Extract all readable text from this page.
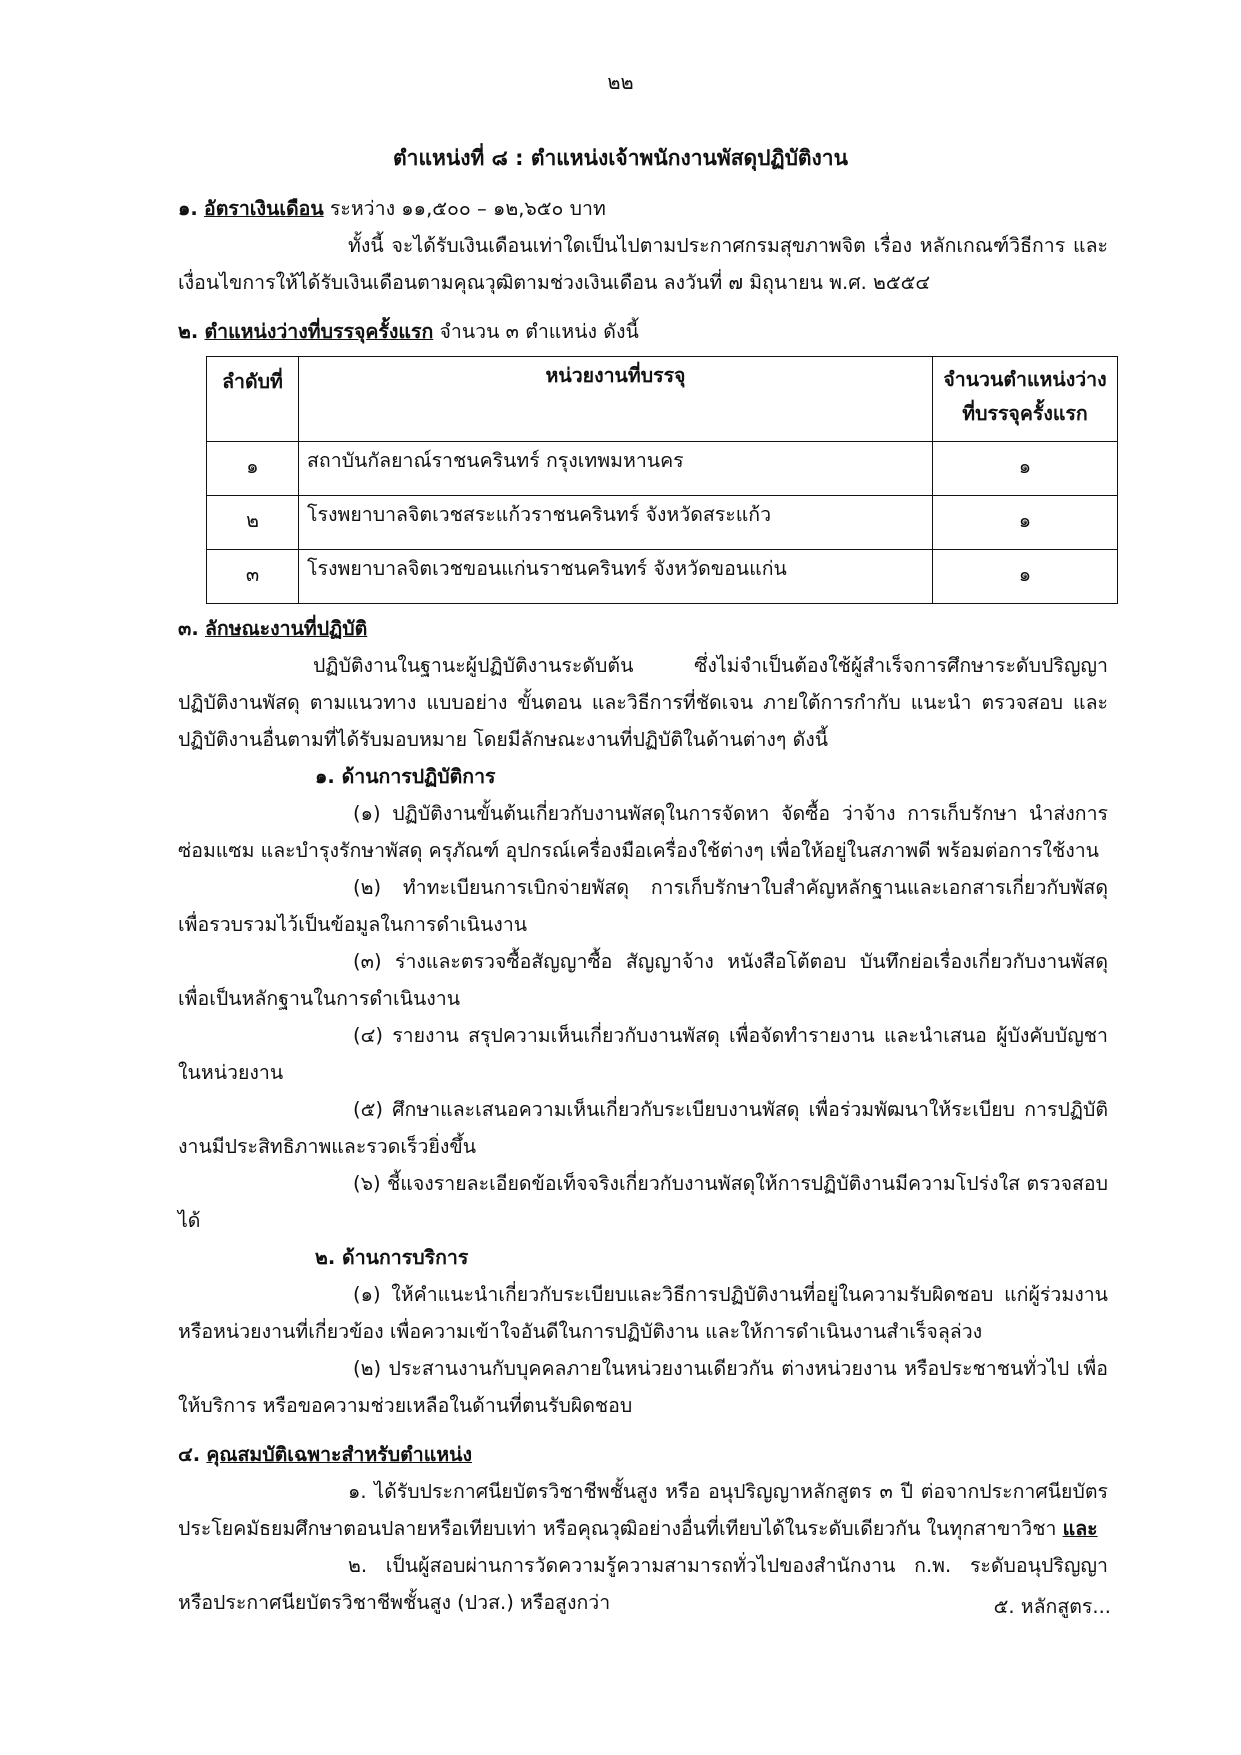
๒๒
ตำแหน่งที่ ๘ : ตำแหน่งเจ้าพนักงานพัสดุปฏิบัติงาน

๑. อัตราเงินเดือน ระหว่าง ๑๑,๕๐๐ – ๑๒,๖๕๐ บาท

ทั้งนี้ จะได้รับเงินเดือนเท่าใดเป็นไปตามประกาศกรมสุขภาพจิต เรื่อง หลักเกณฑ์วิธีการ และเงื่อนไขการให้ได้รับเงินเดือนตามคุณวุฒิตามช่วงเงินเดือน ลงวันที่ ๗ มิถุนายน พ.ศ. ๒๕๕๔

๒. ตำแหน่งว่างที่บรรจุครั้งแรก จำนวน ๓ ตำแหน่ง ดังนี้

ลำดับที่	หน่วยงานที่บรรจุ	จำนวนตำแหน่งว่างที่บรรจุครั้งแรก
๑	สถาบันกัลยาณ์ราชนครินทร์ กรุงเทพมหานคร	๑
๒	โรงพยาบาลจิตเวชสระแก้วราชนครินทร์ จังหวัดสระแก้ว	๑
๓	โรงพยาบาลจิตเวชขอนแก่นราชนครินทร์ จังหวัดขอนแก่น	๑

๓. ลักษณะงานที่ปฏิบัติ

ปฏิบัติงานในฐานะผู้ปฏิบัติงานระดับต้น ซึ่งไม่จำเป็นต้องใช้ผู้สำเร็จการศึกษาระดับปริญญา ปฏิบัติงานพัสดุ ตามแนวทาง แบบอย่าง ขั้นตอน และวิธีการที่ชัดเจน ภายใต้การกำกับ แนะนำ ตรวจสอบ และปฏิบัติงานอื่นตามที่ได้รับมอบหมาย โดยมีลักษณะงานที่ปฏิบัติในด้านต่างๆ ดังนี้

๑. ด้านการปฏิบัติการ

(๑) ปฏิบัติงานขั้นต้นเกี่ยวกับงานพัสดุในการจัดหา จัดซื้อ ว่าจ้าง การเก็บรักษา นำส่งการซ่อมแซม และบำรุงรักษาพัสดุ ครุภัณฑ์ อุปกรณ์เครื่องมือเครื่องใช้ต่างๆ เพื่อให้อยู่ในสภาพดี พร้อมต่อการใช้งาน

(๒) ทำทะเบียนการเบิกจ่ายพัสดุ การเก็บรักษาใบสำคัญหลักฐานและเอกสารเกี่ยวกับพัสดุ เพื่อรวบรวมไว้เป็นข้อมูลในการดำเนินงาน

(๓) ร่างและตรวจซื้อสัญญาซื้อ สัญญาจ้าง หนังสือโต้ตอบ บันทึกย่อเรื่องเกี่ยวกับงานพัสดุ เพื่อเป็นหลักฐานในการดำเนินงาน

(๔) รายงาน สรุปความเห็นเกี่ยวกับงานพัสดุ เพื่อจัดทำรายงาน และนำเสนอ ผู้บังคับบัญชา ในหน่วยงาน

(๕) ศึกษาและเสนอความเห็นเกี่ยวกับระเบียบงานพัสดุ เพื่อร่วมพัฒนาให้ระเบียบ การปฏิบัติงานมีประสิทธิภาพและรวดเร็วยิ่งขึ้น

(๖) ชี้แจงรายละเอียดข้อเท็จจริงเกี่ยวกับงานพัสดุให้การปฏิบัติงานมีความโปร่งใส ตรวจสอบได้

๒. ด้านการบริการ

(๑) ให้คำแนะนำเกี่ยวกับระเบียบและวิธีการปฏิบัติงานที่อยู่ในความรับผิดชอบ แก่ผู้ร่วมงาน หรือหน่วยงานที่เกี่ยวข้อง เพื่อความเข้าใจอันดีในการปฏิบัติงาน และให้การดำเนินงานสำเร็จลุล่วง

(๒) ประสานงานกับบุคคลภายในหน่วยงานเดียวกัน ต่างหน่วยงาน หรือประชาชนทั่วไป เพื่อให้บริการ หรือขอความช่วยเหลือในด้านที่ตนรับผิดชอบ

๔. คุณสมบัติเฉพาะสำหรับตำแหน่ง

๑. ได้รับประกาศนียบัตรวิชาชีพชั้นสูง หรือ อนุปริญญาหลักสูตร ๓ ปี ต่อจากประกาศนียบัตร ประโยคมัธยมศึกษาตอนปลายหรือเทียบเท่า หรือคุณวุฒิอย่างอื่นที่เทียบได้ในระดับเดียวกัน ในทุกสาขาวิชา และ

๒. เป็นผู้สอบผ่านการวัดความรู้ความสามารถทั่วไปของสำนักงาน ก.พ. ระดับอนุปริญญา หรือประกาศนียบัตรวิชาชีพชั้นสูง (ปวส.) หรือสูงกว่า	๕. หลักสูตร...
